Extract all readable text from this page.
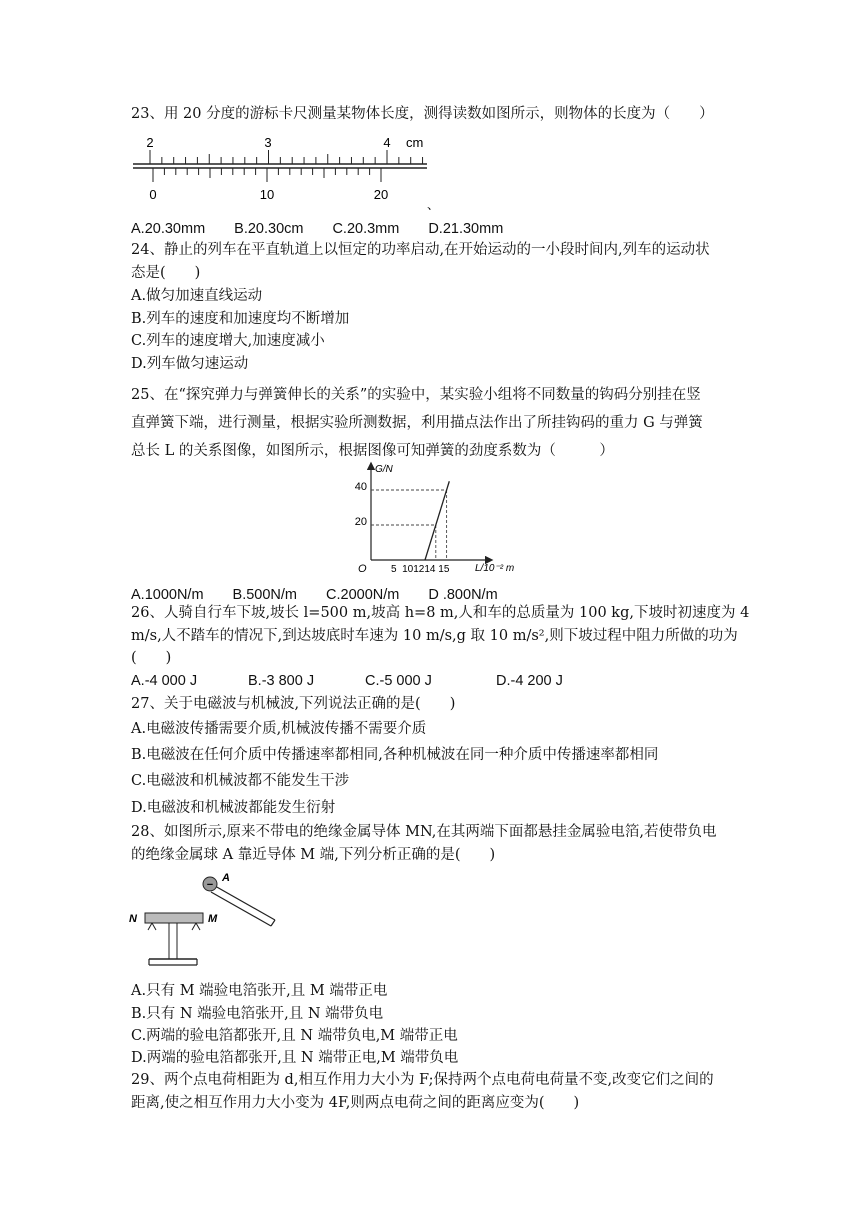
23、用 20 分度的游标卡尺测量某物体长度，测得读数如图所示，则物体的长度为（　　）
2	3	4 cm
0	10	20
、
A.20.30mm　　B.20.30cm　　C.20.3mm　　D.21.30mm
24、静止的列车在平直轨道上以恒定的功率启动,在开始运动的一小段时间内,列车的运动状
态是(　　)
A.做匀加速直线运动
B.列车的速度和加速度均不断增加
C.列车的速度增大,加速度减小
D.列车做匀速运动
25、在“探究弹力与弹簧伸长的关系”的实验中，某实验小组将不同数量的钩码分别挂在竖
直弹簧下端，进行测量，根据实验所测数据，利用描点法作出了所挂钩码的重力 G 与弹簧
总长 L 的关系图像，如图所示，根据图像可知弹簧的劲度系数为（　　　）
G/N
L/10⁻² m
O
20
40
5  101214 15
A.1000N/m　　B.500N/m　　C.2000N/m　　D .800N/m
26、人骑自行车下坡,坡长 l=500 m,坡高 h=8 m,人和车的总质量为 100 kg,下坡时初速度为 4
m/s,人不踏车的情况下,到达坡底时车速为 10 m/s,g 取 10 m/s²,则下坡过程中阻力所做的功为
(　　)
A.-4 000 J	B.-3 800 J	C.-5 000 J	D.-4 200 J
27、关于电磁波与机械波,下列说法正确的是(　　)
A.电磁波传播需要介质,机械波传播不需要介质
B.电磁波在任何介质中传播速率都相同,各种机械波在同一种介质中传播速率都相同
C.电磁波和机械波都不能发生干涉
D.电磁波和机械波都能发生衍射
28、如图所示,原来不带电的绝缘金属导体 MN,在其两端下面都悬挂金属验电箔,若使带负电
的绝缘金属球 A 靠近导体 M 端,下列分析正确的是(　　)
−
A
N	M
A.只有 M 端验电箔张开,且 M 端带正电
B.只有 N 端验电箔张开,且 N 端带负电
C.两端的验电箔都张开,且 N 端带负电,M 端带正电
D.两端的验电箔都张开,且 N 端带正电,M 端带负电
29、两个点电荷相距为 d,相互作用力大小为 F;保持两个点电荷电荷量不变,改变它们之间的
距离,使之相互作用力大小变为 4F,则两点电荷之间的距离应变为(　　)
